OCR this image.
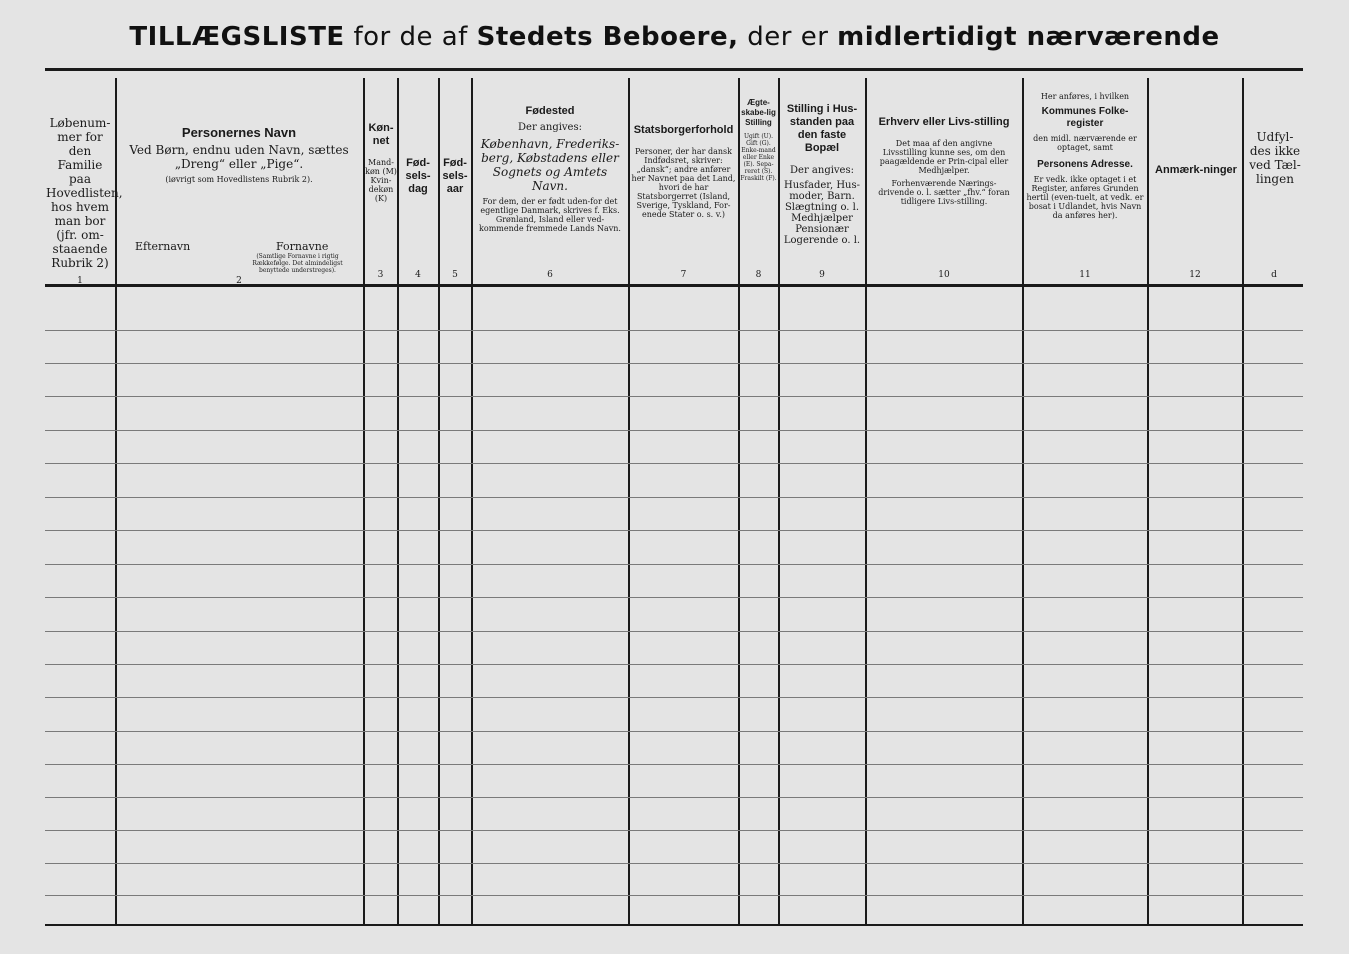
TILLÆGSLISTE for de af Stedets Beboere, der er midlertidigt nærværende
Løbenum-mer for den Familie paa Hovedlisten, hos hvem man bor (jfr. om-staaende Rubrik 2)
1
Personernes Navn
Ved Børn, endnu uden Navn, sættes „Dreng“ eller „Pige“.
(iøvrigt som Hovedlistens Rubrik 2).
Efternavn	Fornavne
(Samtlige Fornavne i rigtig Rækkefølge. Det almindeligst benyttede understreges).
2
Køn-net
Mand-køn (M) Kvin-dekøn (K)
3
Fød-sels-dag
4
Fød-sels-aar
5
Fødested
Der angives:
København, Frederiks-berg, Købstadens eller Sognets og Amtets Navn.
For dem, der er født uden-for det egentlige Danmark, skrives f. Eks. Grønland, Island eller ved-kommende fremmede Lands Navn.
6
Statsborgerforhold
Personer, der har dansk Indfødsret, skriver: „dansk“; andre anfører her Navnet paa det Land, hvori de har Statsborgerret (Island, Sverige, Tyskland, For-enede Stater o. s. v.)
7
Ægte-skabe-lig Stilling
Ugift (U). Gift (G). Enke-mand eller Enke (E). Sepa-reret (S). Fraskilt (F).
8
Stilling i Hus-standen paa den faste Bopæl
Der angives:
Husfader, Hus-moder, Barn. Slægtning o. l. Medhjælper Pensionær Logerende o. l.
9
Erhverv eller Livs-stilling
Det maa af den angivne Livsstilling kunne ses, om den paagældende er Prin-cipal eller Medhjælper.
Forhenværende Nærings-drivende o. l. sætter „fhv.“ foran tidligere Livs-stilling.
10
Her anføres, i hvilken
Kommunes Folke-register
den midl. nærværende er optaget, samt
Personens Adresse.
Er vedk. ikke optaget i et Register, anføres Grunden hertil (even-tuelt, at vedk. er bosat i Udlandet, hvis Navn da anføres her).
11
Anmærk-ninger
12
Udfyl-des ikke ved Tæl-lingen
d
